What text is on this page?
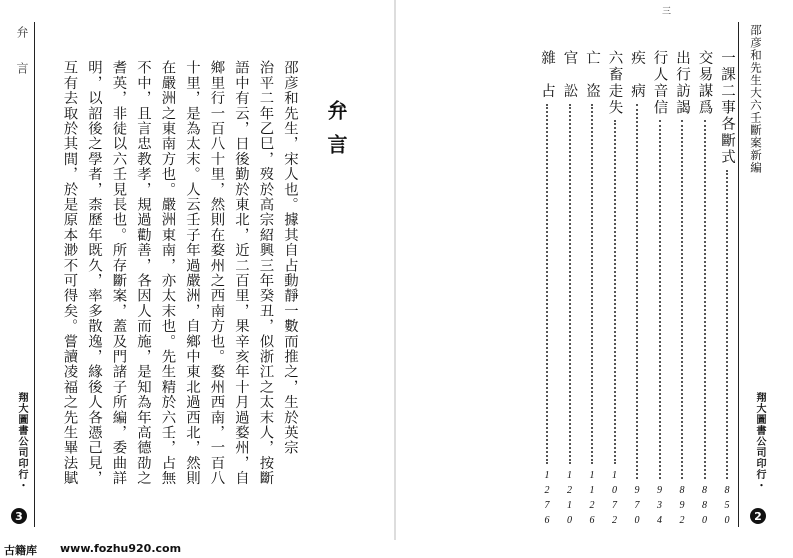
弁　言
翔大圖書公司印行・
3
邵彦和先生，宋人也。據其自占動靜一數而推之，生於英宗
治平二年乙巳，歿於高宗紹興三年癸丑，似浙江之太末人，按斷
語中有云，日後勤於東北，近二百里，果辛亥年十月過婺州，自
鄉里行一百八十里，然則在婺州之西南方也。婺州西南，一百八
十里，是為太末。人云壬子年過嚴洲，自鄉中東北過西北，然則
在嚴洲之東南方也。嚴洲東南，亦太末也。先生精於六壬，占無
不中，且言忠教孝，規過勸善，各因人而施，是知為年高德劭之
耆英，非徒以六壬見長也。所存斷案，蓋及門諸子所編，委曲詳
明，以詔後之學者，柰歷年既久，率多散逸，緣後人各憑己見，
互有去取於其間，於是原本渺不可得矣。嘗讀凌福之先生畢法賦	弁言
三
邵彦和先生大六壬斷案新編
翔大圖書公司印行・
2
一課二事各斷式
850
交易謀爲
880
出行訪謁
892
行人音信
934
疾　病
970
六畜走失
1072
亡　盗
1126
官　訟
1210
雜　占
1276
古籍库 www.fozhu920.com
